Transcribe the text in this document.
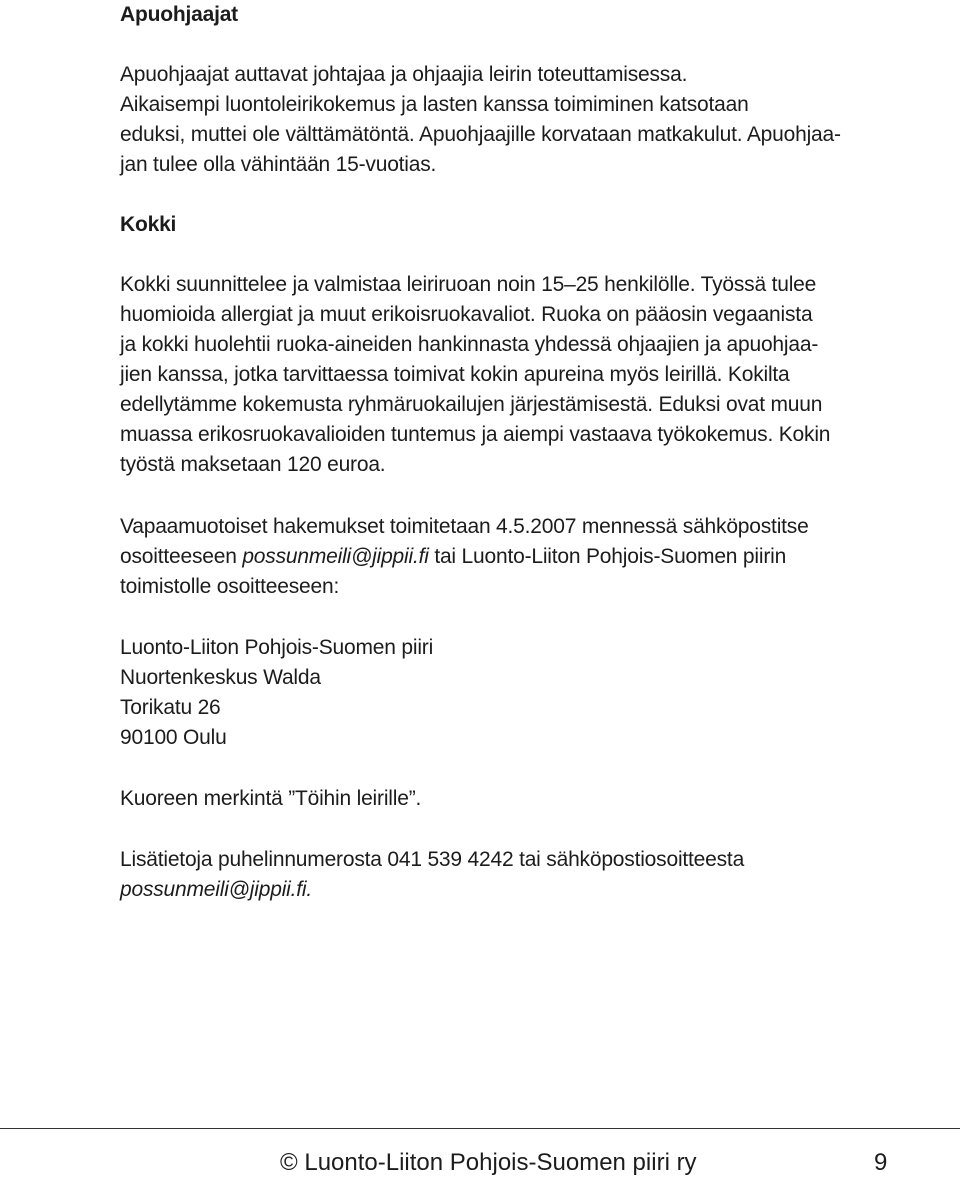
Apuohjaajat
Apuohjaajat auttavat johtajaa ja ohjaajia leirin toteuttamisessa.
Aikaisempi luontoleirikokemus ja lasten kanssa toimiminen katsotaan
eduksi, muttei ole välttämätöntä. Apuohjaajille korvataan matkakulut. Apuohjaa-
jan tulee olla vähintään 15-vuotias.
Kokki
Kokki suunnittelee ja valmistaa leiriruoan noin 15–25 henkilölle. Työssä tulee
huomioida allergiat ja muut erikoisruokavaliot. Ruoka on pääosin vegaanista
ja kokki huolehtii ruoka-aineiden hankinnasta yhdessä ohjaajien ja apuohjaa-
jien kanssa, jotka tarvittaessa toimivat kokin apureina myös leirillä. Kokilta
edellytämme kokemusta ryhmäruokailujen järjestämisestä. Eduksi ovat muun
muassa erikosruokavalioiden tuntemus ja aiempi vastaava työkokemus. Kokin
työstä maksetaan 120 euroa.
Vapaamuotoiset hakemukset toimitetaan 4.5.2007 mennessä sähköpostitse
osoitteeseen possunmeili@jippii.fi tai Luonto-Liiton Pohjois-Suomen piirin
toimistolle osoitteeseen:
Luonto-Liiton Pohjois-Suomen piiri
Nuortenkeskus Walda
Torikatu 26
90100 Oulu
Kuoreen merkintä ”Töihin leirille”.
Lisätietoja puhelinnumerosta 041 539 4242 tai sähköpostiosoitteesta
possunmeili@jippii.fi.
© Luonto-Liiton Pohjois-Suomen piiri ry	9
